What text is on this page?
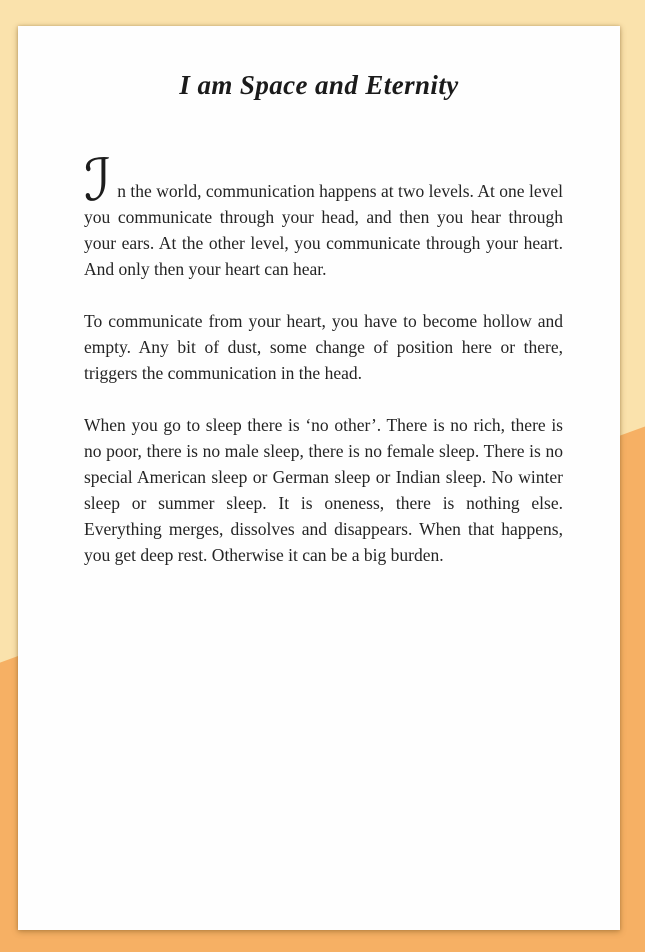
I am Space and Eternity

ℐn the world, communication happens at two levels. At one level you communicate through your head, and then you hear through your ears. At the other level, you communicate through your heart. And only then your heart can hear.

To communicate from your heart, you have to become hollow and empty. Any bit of dust, some change of position here or there, triggers the communication in the head.

When you go to sleep there is ‘no other’. There is no rich, there is no poor, there is no male sleep, there is no female sleep. There is no special American sleep or German sleep or Indian sleep. No winter sleep or summer sleep. It is oneness, there is nothing else. Everything merges, dissolves and disappears. When that happens, you get deep rest. Otherwise it can be a big burden.
